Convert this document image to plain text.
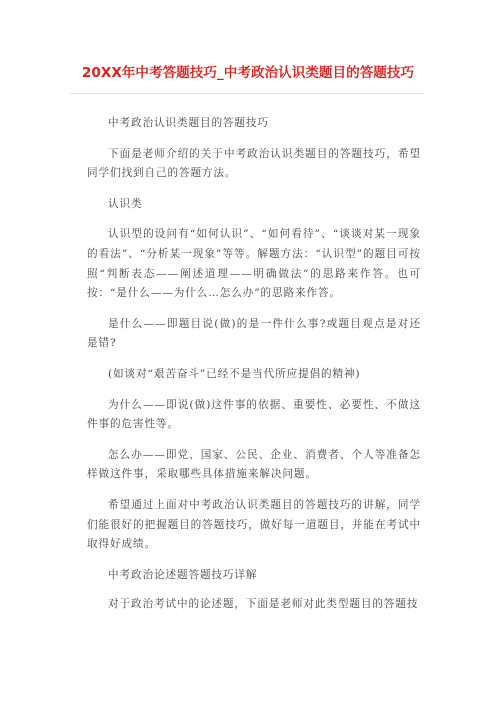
20XX年中考答题技巧_中考政治认识类题目的答题技巧

中考政治认识类题目的答题技巧

下面是老师介绍的关于中考政治认识类题目的答题技巧，希望同学们找到自己的答题方法。

认识类

认识型的设问有“如何认识”、“如何看待”、“谈谈对某一现象的看法”、“分析某一现象”等等。解题方法：“认识型”的题目可按照“判断表态——阐述道理——明确做法”的思路来作答。也可按：“是什么——为什么…怎么办”的思路来作答。

是什么——即题目说(做)的是一件什么事?或题目观点是对还是错?

(如谈对“艰苦奋斗”已经不是当代所应提倡的精神)

为什么——即说(做)这件事的依据、重要性、必要性、不做这件事的危害性等。

怎么办——即党、国家、公民、企业、消费者、个人等准备怎样做这件事，采取哪些具体措施来解决问题。

希望通过上面对中考政治认识类题目的答题技巧的讲解，同学们能很好的把握题目的答题技巧，做好每一道题目，并能在考试中取得好成绩。

中考政治论述题答题技巧详解

对于政治考试中的论述题，下面是老师对此类型题目的答题技
